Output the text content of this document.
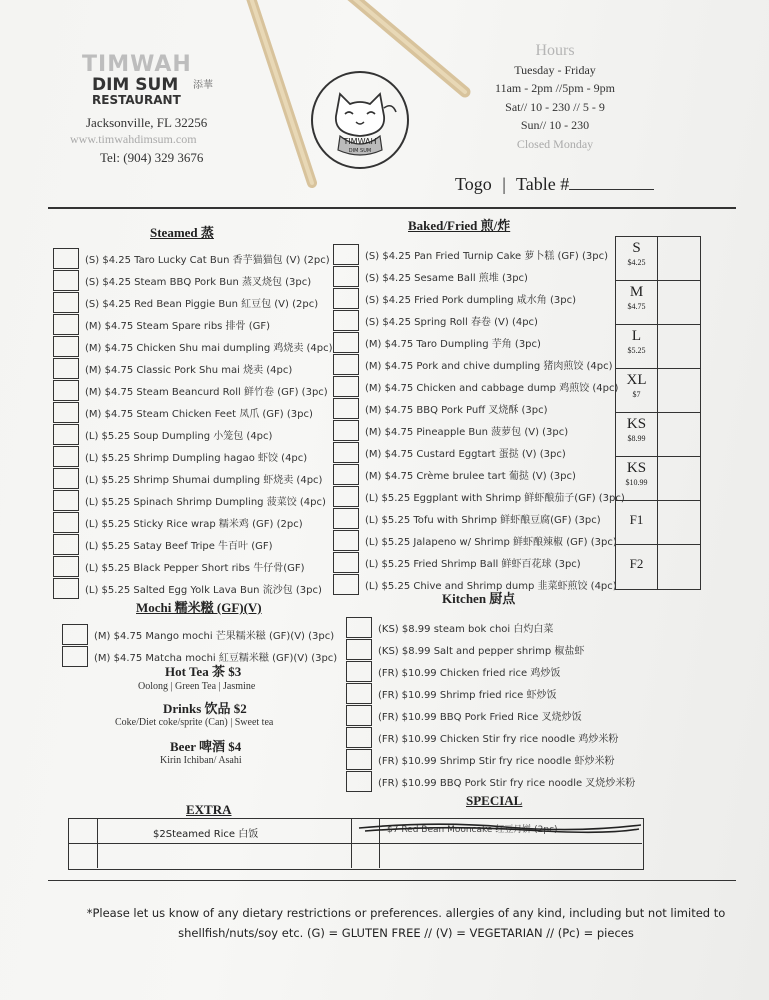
TIMWAH
DIM SUM
RESTAURANT
添華
Jacksonville, FL 32256
www.timwahdimsum.com
Tel: (904) 329 3676
TIMWAH
DIM SUM
Hours
Tuesday - Friday
11am - 2pm //5pm - 9pm
Sat// 10 - 230 // 5 - 9
Sun// 10 - 230
Closed Monday
Togo | Table #
Steamed 蒸
(S) $4.25 Taro Lucky Cat Bun 香芋猫猫包 (V) (2pc)
(S) $4.25 Steam BBQ Pork Bun 蒸叉烧包 (3pc)
(S) $4.25 Red Bean Piggie Bun 紅豆包 (V) (2pc)
(M) $4.75 Steam Spare ribs 排骨 (GF)
(M) $4.75 Chicken Shu mai dumpling 鸡烧卖 (4pc)
(M) $4.75 Classic Pork Shu mai 烧卖 (4pc)
(M) $4.75 Steam Beancurd Roll 鲜竹卷 (GF) (3pc)
(M) $4.75 Steam Chicken Feet 凤爪 (GF) (3pc)
(L) $5.25 Soup Dumpling 小笼包 (4pc)
(L) $5.25 Shrimp Dumpling hagao 虾饺 (4pc)
(L) $5.25 Shrimp Shumai dumpling 虾烧卖 (4pc)
(L) $5.25 Spinach Shrimp Dumpling 菠菜饺 (4pc)
(L) $5.25 Sticky Rice wrap 糯米鸡 (GF) (2pc)
(L) $5.25 Satay Beef Tripe 牛百叶 (GF)
(L) $5.25 Black Pepper Short ribs 牛仔骨(GF)
(L) $5.25 Salted Egg Yolk Lava Bun 流沙包 (3pc)
Baked/Fried 煎/炸
(S) $4.25 Pan Fried Turnip Cake 萝卜糕 (GF) (3pc)
(S) $4.25 Sesame Ball 煎堆 (3pc)
(S) $4.25 Fried Pork dumpling 咸水角 (3pc)
(S) $4.25 Spring Roll 春卷 (V) (4pc)
(M) $4.75 Taro Dumpling 芋角 (3pc)
(M) $4.75 Pork and chive dumpling 猪肉煎饺 (4pc)
(M) $4.75 Chicken and cabbage dump 鸡煎饺 (4pc)
(M) $4.75 BBQ Pork Puff 叉烧酥 (3pc)
(M) $4.75 Pineapple Bun 菠萝包 (V) (3pc)
(M) $4.75 Custard Eggtart 蛋挞 (V) (3pc)
(M) $4.75 Crème brulee tart 葡挞 (V) (3pc)
(L) $5.25 Eggplant with Shrimp 鲜虾酿茄子(GF) (3pc)
(L) $5.25 Tofu with Shrimp 鲜虾酿豆腐(GF) (3pc)
(L) $5.25 Jalapeno w/ Shrimp 鲜虾酿辣椒 (GF) (3pc)
(L) $5.25 Fried Shrimp Ball 鲜虾百花球 (3pc)
(L) $5.25 Chive and Shrimp dump 韭菜虾煎饺 (4pc)
S
$4.25
M
$4.75
L
$5.25
XL
$7
KS
$8.99
KS
$10.99
F1
F2
Mochi 糯米糍 (GF)(V)
(M) $4.75 Mango mochi 芒果糯米糍 (GF)(V) (3pc)
(M) $4.75 Matcha mochi 紅豆糯米糍 (GF)(V) (3pc)
Hot Tea 茶 $3
Oolong | Green Tea | Jasmine
Drinks 饮品 $2
Coke/Diet coke/sprite (Can) | Sweet tea
Beer 啤酒 $4
Kirin Ichiban/ Asahi
Kitchen 厨点
(KS) $8.99 steam bok choi 白灼白菜
(KS) $8.99 Salt and pepper shrimp 椒盐虾
(FR) $10.99 Chicken fried rice 鸡炒饭
(FR) $10.99 Shrimp fried rice 虾炒饭
(FR) $10.99 BBQ Pork Fried Rice 叉烧炒饭
(FR) $10.99 Chicken Stir fry rice noodle 鸡炒米粉
(FR) $10.99 Shrimp Stir fry rice noodle 虾炒米粉
(FR) $10.99 BBQ Pork Stir fry rice noodle 叉烧炒米粉
EXTRA
SPECIAL
$2Steamed Rice 白饭	$7 Red Bean Mooncake 红豆月饼 (2pc)
*Please let us know of any dietary restrictions or preferences. allergies of any kind, including but not limited to
shellfish/nuts/soy etc. (G) = GLUTEN FREE // (V) = VEGETARIAN // (Pc) = pieces
